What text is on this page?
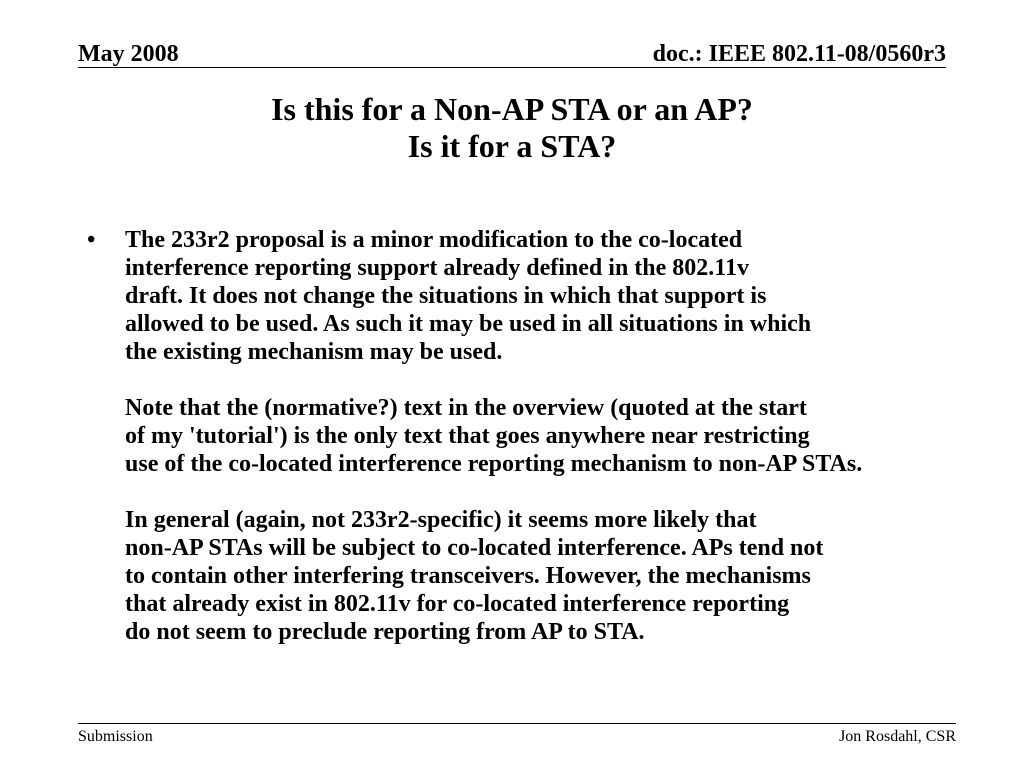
May 2008	doc.: IEEE 802.11-08/0560r3
Is this for a Non-AP STA or an AP?
Is it for a STA?
• The 233r2 proposal is a minor modification to the co-located
interference reporting support already defined in the 802.11v
draft. It does not change the situations in which that support is
allowed to be used. As such it may be used in all situations in which
the existing mechanism may be used.
Note that the (normative?) text in the overview (quoted at the start
of my 'tutorial') is the only text that goes anywhere near restricting
use of the co-located interference reporting mechanism to non-AP STAs.
In general (again, not 233r2-specific) it seems more likely that
non-AP STAs will be subject to co-located interference. APs tend not
to contain other interfering transceivers. However, the mechanisms
that already exist in 802.11v for co-located interference reporting
do not seem to preclude reporting from AP to STA.
Submission	Jon Rosdahl, CSR
